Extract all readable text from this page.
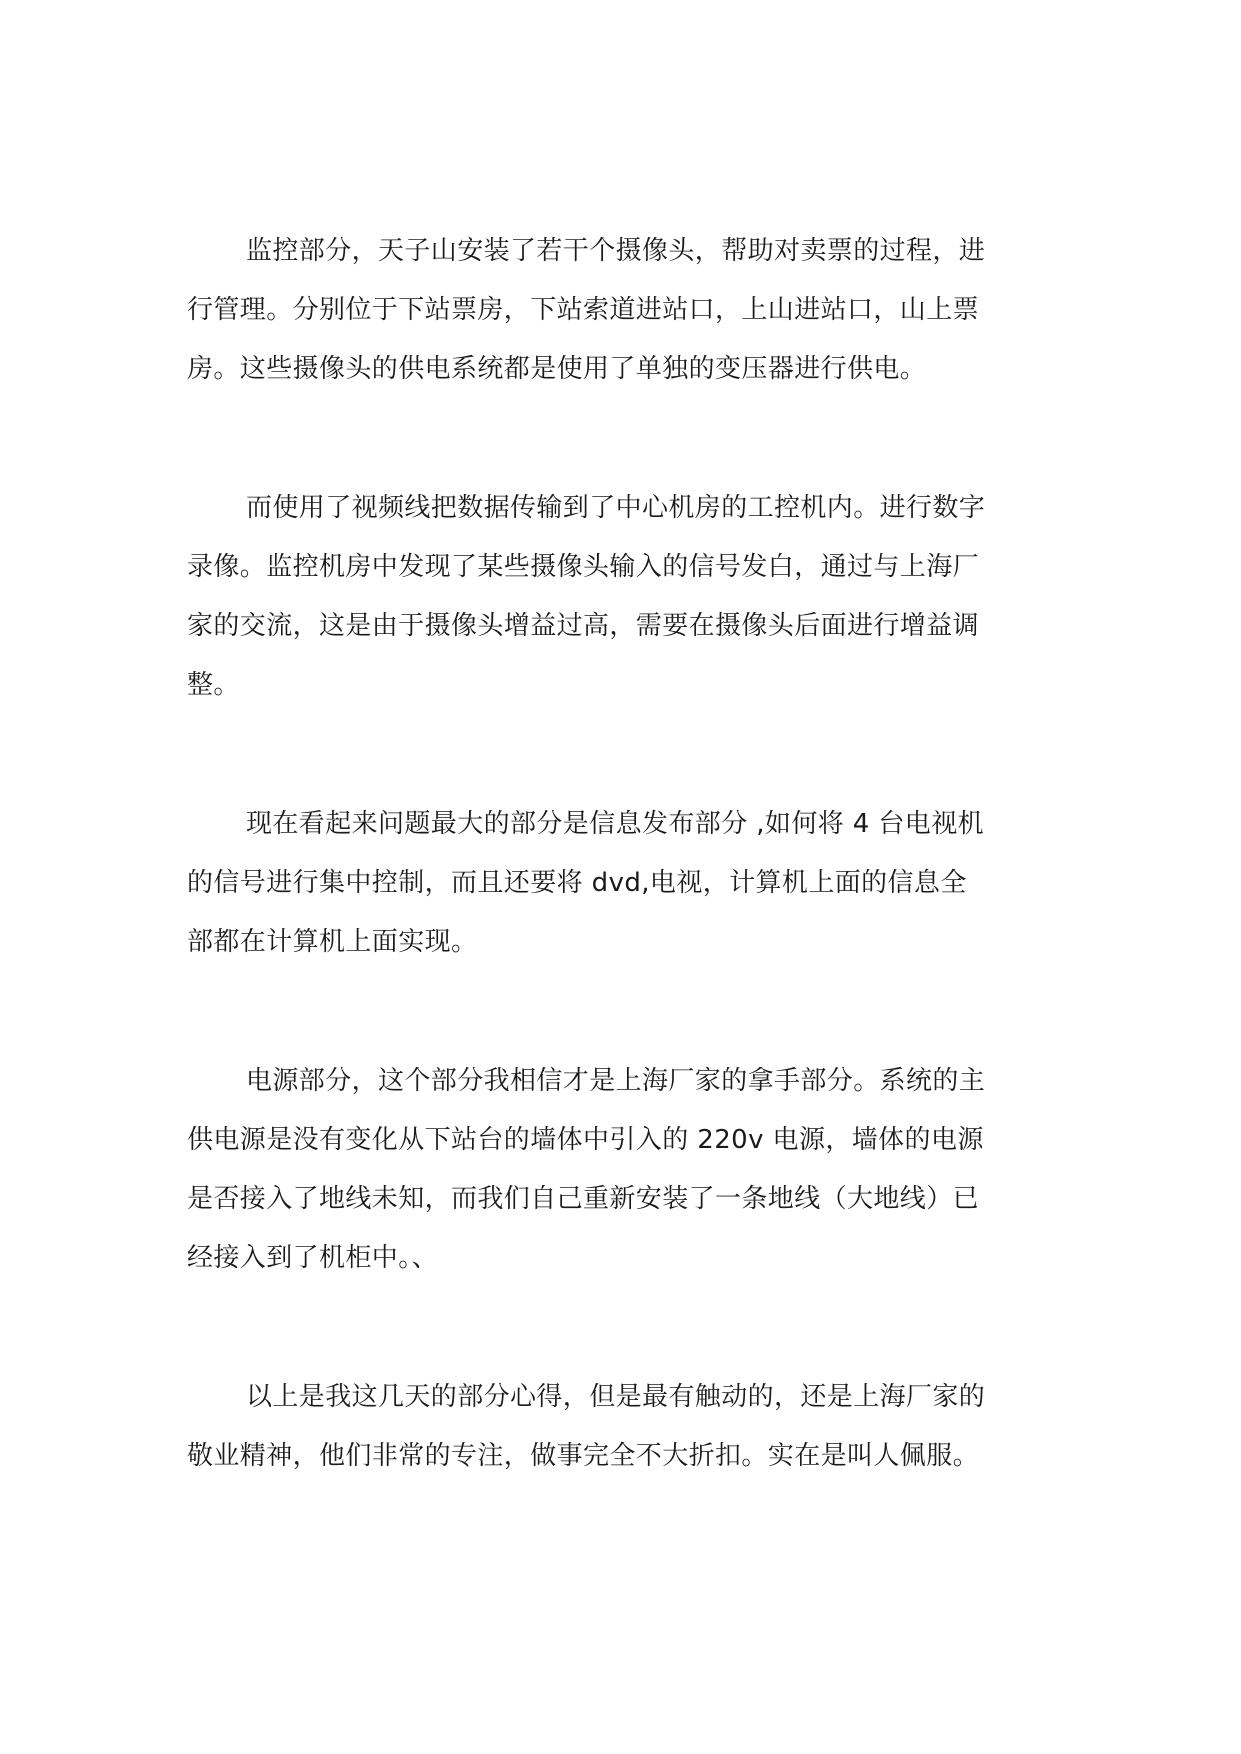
监控部分，天子山安装了若干个摄像头，帮助对卖票的过程，进
行管理。分别位于下站票房，下站索道进站口，上山进站口，山上票
房。这些摄像头的供电系统都是使用了单独的变压器进行供电。

而使用了视频线把数据传输到了中心机房的工控机内。进行数字
录像。监控机房中发现了某些摄像头输入的信号发白，通过与上海厂
家的交流，这是由于摄像头增益过高，需要在摄像头后面进行增益调
整。

现在看起来问题最大的部分是信息发布部分 ,如何将 4 台电视机
的信号进行集中控制，而且还要将 dvd,电视，计算机上面的信息全
部都在计算机上面实现。

电源部分，这个部分我相信才是上海厂家的拿手部分。系统的主
供电源是没有变化从下站台的墙体中引入的 220v 电源，墙体的电源
是否接入了地线未知，而我们自己重新安装了一条地线（大地线）已
经接入到了机柜中。、

以上是我这几天的部分心得，但是最有触动的，还是上海厂家的
敬业精神，他们非常的专注，做事完全不大折扣。实在是叫人佩服。
